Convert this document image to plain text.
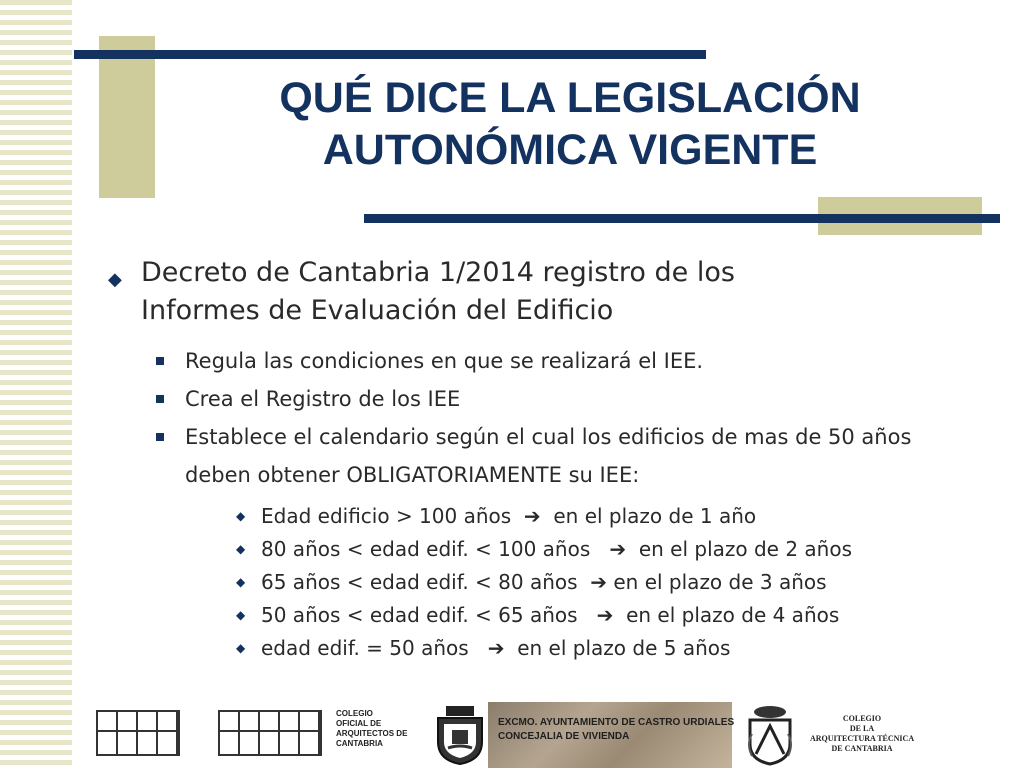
QUÉ DICE LA LEGISLACIÓN
AUTONÓMICA VIGENTE
◆ Decreto de Cantabria 1/2014 registro de los
Informes de Evaluación del Edificio
Regula las condiciones en que se realizará el IEE.
Crea el Registro de los IEE
Establece el calendario según el cual los edificios de mas de 50 años
deben obtener OBLIGATORIAMENTE su IEE:

◆

Edad edificio > 100 años  ➔  en el plazo de 1 año

◆

80 años < edad edif. < 100 años   ➔  en el plazo de 2 años

◆

65 años < edad edif. < 80 años  ➔ en el plazo de 3 años

◆

50 años < edad edif. < 65 años   ➔  en el plazo de 4 años

◆

edad edif. = 50 años   ➔  en el plazo de 5 años

COLEGIO
OFICIAL DE
ARQUITECTOS DE
CANTABRIA
EXCMO. AYUNTAMIENTO DE CASTRO URDIALES
CONCEJALIA DE VIVIENDA
COLEGIO
DE LA
ARQUITECTURA TÉCNICA
DE CANTABRIA
